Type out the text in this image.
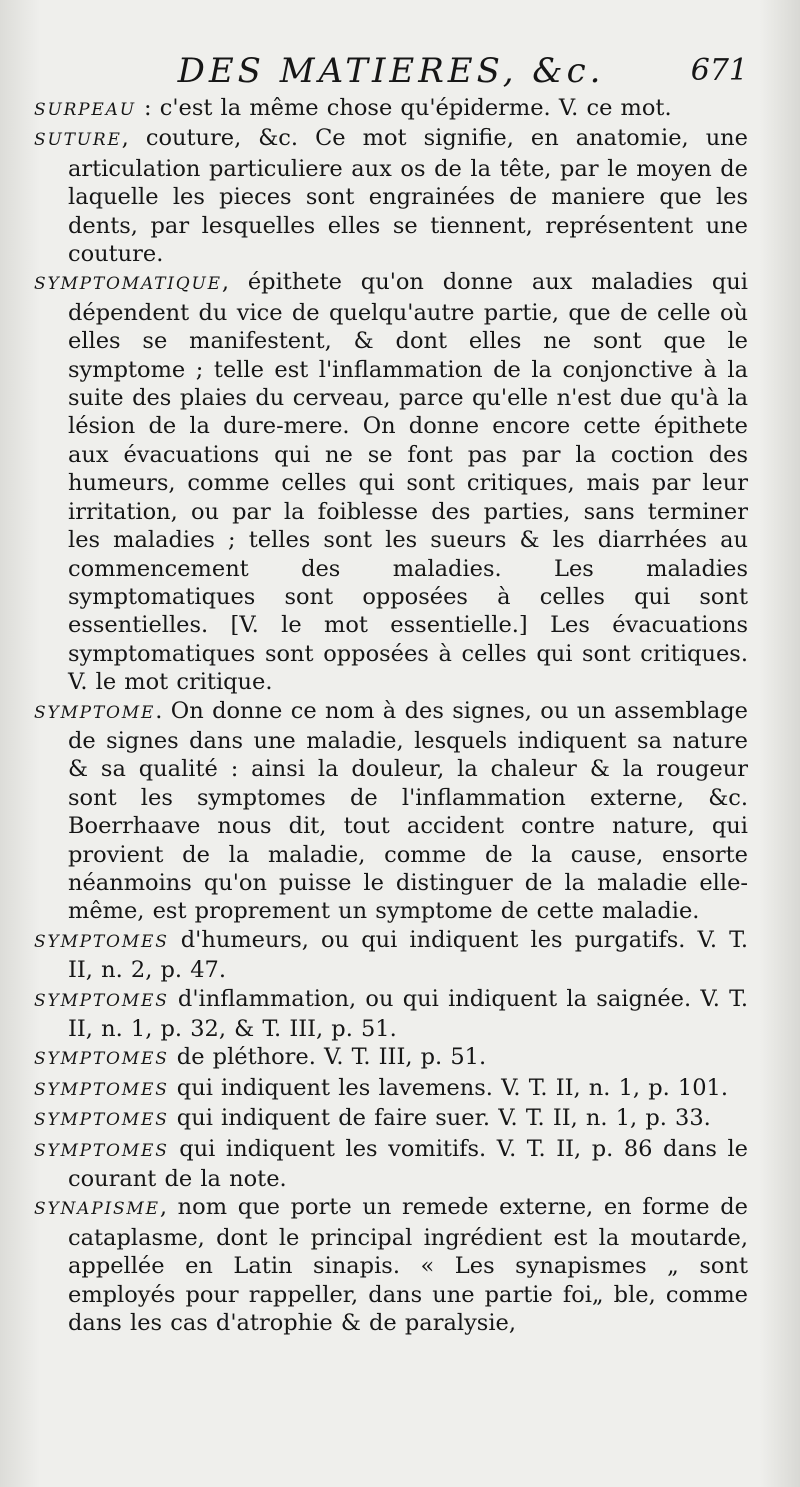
DES MATIERES, &c.	671

SURPEAU : c'est la même chose qu'épiderme. V. ce mot.

SUTURE, couture, &c. Ce mot signifie, en anatomie, une articulation particuliere aux os de la tête, par le moyen de laquelle les pieces sont engrainées de maniere que les dents, par lesquelles elles se tiennent, représentent une couture.

SYMPTOMATIQUE, épithete qu'on donne aux maladies qui dépendent du vice de quelqu'autre partie, que de celle où elles se manifestent, & dont elles ne sont que le symptome ; telle est l'inflammation de la conjonctive à la suite des plaies du cerveau, parce qu'elle n'est due qu'à la lésion de la dure-mere. On donne encore cette épithete aux évacuations qui ne se font pas par la coction des humeurs, comme celles qui sont critiques, mais par leur irritation, ou par la foiblesse des parties, sans terminer les maladies ; telles sont les sueurs & les diarrhées au commencement des maladies. Les maladies symptomatiques sont opposées à celles qui sont essentielles. [V. le mot essentielle.] Les évacuations symptomatiques sont opposées à celles qui sont critiques. V. le mot critique.

SYMPTOME. On donne ce nom à des signes, ou un assemblage de signes dans une maladie, lesquels indiquent sa nature & sa qualité : ainsi la douleur, la chaleur & la rougeur sont les symptomes de l'inflammation externe, &c. Boerrhaave nous dit, tout accident contre nature, qui provient de la maladie, comme de la cause, ensorte néanmoins qu'on puisse le distinguer de la maladie elle-même, est proprement un symptome de cette maladie.

SYMPTOMES d'humeurs, ou qui indiquent les purgatifs. V. T. II, n. 2, p. 47.

SYMPTOMES d'inflammation, ou qui indiquent la saignée. V. T. II, n. 1, p. 32, & T. III, p. 51.

SYMPTOMES de pléthore. V. T. III, p. 51.

SYMPTOMES qui indiquent les lavemens. V. T. II, n. 1, p. 101.

SYMPTOMES qui indiquent de faire suer. V. T. II, n. 1, p. 33.

SYMPTOMES qui indiquent les vomitifs. V. T. II, p. 86 dans le courant de la note.

SYNAPISME, nom que porte un remede externe, en forme de cataplasme, dont le principal ingrédient est la moutarde, appellée en Latin sinapis. « Les synapismes „ sont employés pour rappeller, dans une partie foi„ ble, comme dans les cas d'atrophie & de paralysie,
